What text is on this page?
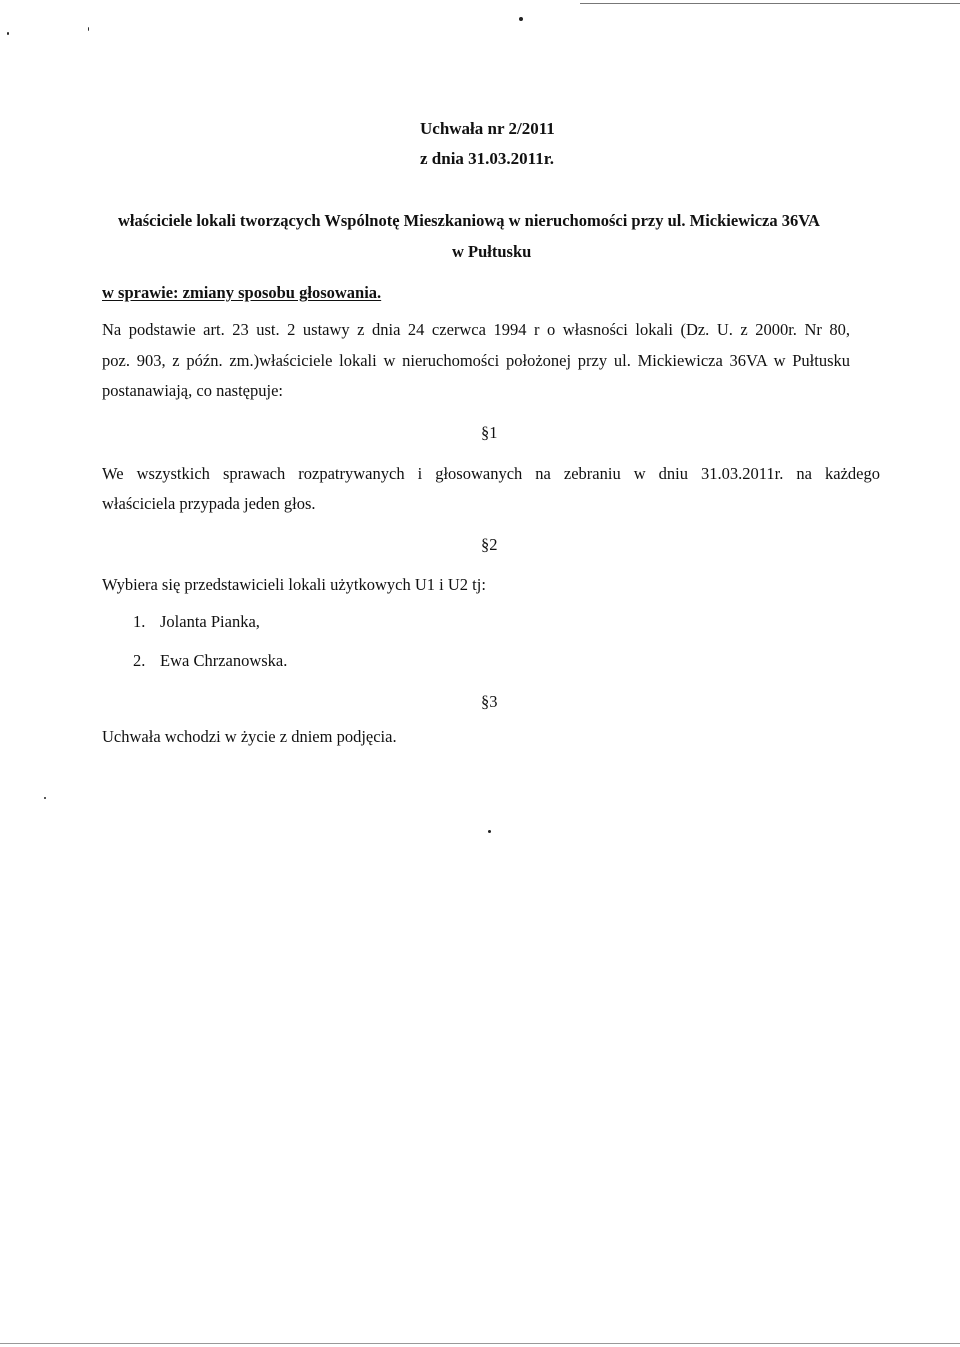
Uchwała nr 2/2011
z dnia 31.03.2011r.
właściciele lokali tworzących Wspólnotę Mieszkaniową w nieruchomości przy ul. Mickiewicza 36VA
w Pułtusku
w sprawie: zmiany sposobu głosowania.
Na podstawie art. 23 ust. 2 ustawy z dnia 24 czerwca 1994 r o własności lokali (Dz. U. z 2000r. Nr 80,
poz. 903, z późn. zm.)właściciele lokali w nieruchomości położonej przy ul. Mickiewicza 36VA w Pułtusku
postanawiają, co następuje:
§1
We wszystkich sprawach rozpatrywanych i głosowanych na zebraniu w dniu 31.03.2011r. na każdego
właściciela przypada jeden głos.
§2
Wybiera się przedstawicieli lokali użytkowych U1 i U2 tj:
1. Jolanta Pianka,
2. Ewa Chrzanowska.
§3
Uchwała wchodzi w życie z dniem podjęcia.
